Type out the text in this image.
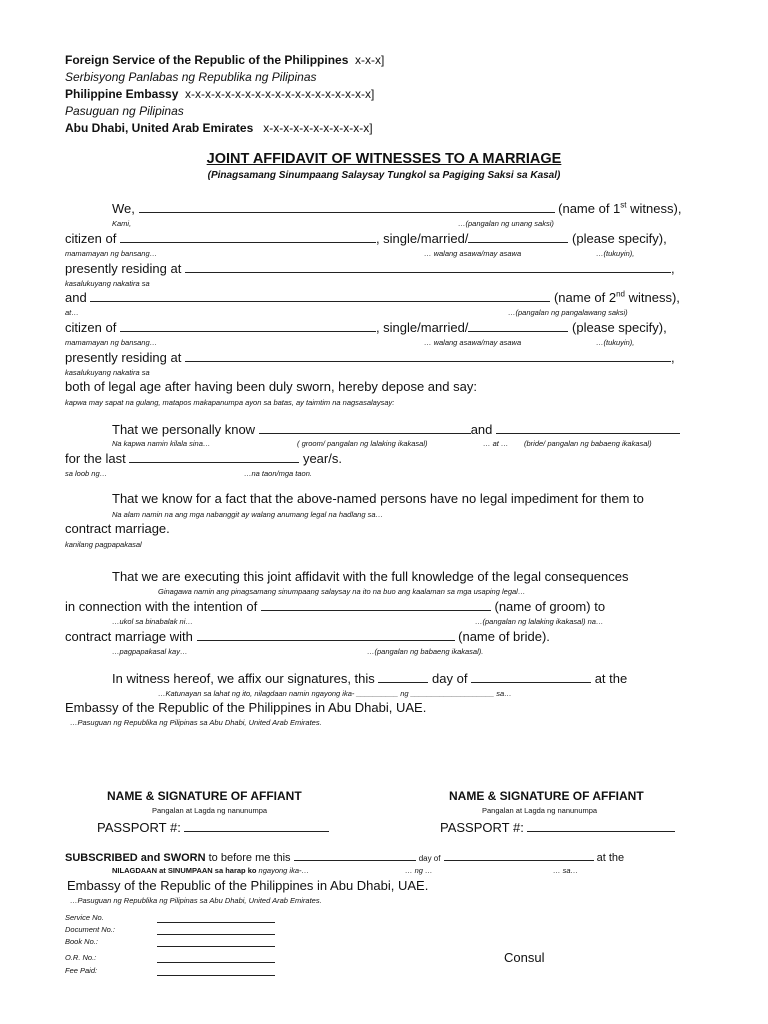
Foreign Service of the Republic of the Philippines x-x-x]
Serbisyong Panlabas ng Republika ng Pilipinas
Philippine Embassy x-x-x-x-x-x-x-x-x-x-x-x-x-x-x-x-x-x-x]
Pasuguan ng Pilipinas
Abu Dhabi, United Arab Emirates x-x-x-x-x-x-x-x-x-x-x]
JOINT AFFIDAVIT OF WITNESSES TO A MARRIAGE
(Pinagsamang Sinumpaang Salaysay Tungkol sa Pagiging Saksi sa Kasal)
We,	(name of 1st witness),
Kami,	…(pangalan ng unang saksi)
citizen of	, single/married/	(please specify),
mamamayan ng bansang…	… walang asawa/may asawa	…(tukuyin),
presently residing at	,
kasalukuyang nakatira sa
and	(name of 2nd witness),
at…	…(pangalan ng pangalawang saksi)
citizen of	, single/married/	(please specify),
mamamayan ng bansang…	… walang asawa/may asawa	…(tukuyin),
presently residing at	,
kasalukuyang nakatira sa
both of legal age after having been duly sworn, hereby depose and say:
kapwa may sapat na gulang, matapos makapanumpa ayon sa batas, ay taimtim na nagsasalaysay:
That we personally know	and
Na kapwa namin kilala sina…	( groom/ pangalan ng lalaking ikakasal)	… at … (bride/ pangalan ng babaeng ikakasal)
for the last	year/s.
sa loob ng…	…na taon/mga taon.
That we know for a fact that the above-named persons have no legal impediment for them to
Na alam namin na ang mga nabanggit ay walang anumang legal na hadlang sa…
contract marriage.
kanilang pagpapakasal
That we are executing this joint affidavit with the full knowledge of the legal consequences
Ginagawa namin ang pinagsamang sinumpaang salaysay na ito na buo ang kaalaman sa mga usaping legal…
in connection with the intention of	(name of groom) to
…ukol sa binabalak ni…	…(pangalan ng lalaking ikakasal) na…
contract marriage with	(name of bride).
…pagpapakasal kay…	…(pangalan ng babaeng ikakasal).
In witness hereof, we affix our signatures, this	day of	at the
…Katunayan sa lahat ng ito, nilagdaan namin ngayong ika- __________ ng ____________________ sa…
Embassy of the Republic of the Philippines in Abu Dhabi, UAE.
…Pasuguan ng Republika ng Pilipinas sa Abu Dhabi, United Arab Emirates.
NAME & SIGNATURE OF AFFIANT
Pangalan at Lagda ng nanunumpa
PASSPORT #:
NAME & SIGNATURE OF AFFIANT
Pangalan at Lagda ng nanunumpa
PASSPORT #:
SUBSCRIBED and SWORN to before me this	day of	at the
NILAGDAAN at SINUMPAAN sa harap ko ngayong ika-…	… ng …	… sa…
Embassy of the Republic of the Philippines in Abu Dhabi, UAE.
…Pasuguan ng Republika ng Pilipinas sa Abu Dhabi, United Arab Emirates.
Service No.
Document No.:
Book No.:
O.R. No.:
Fee Paid:
Consul
